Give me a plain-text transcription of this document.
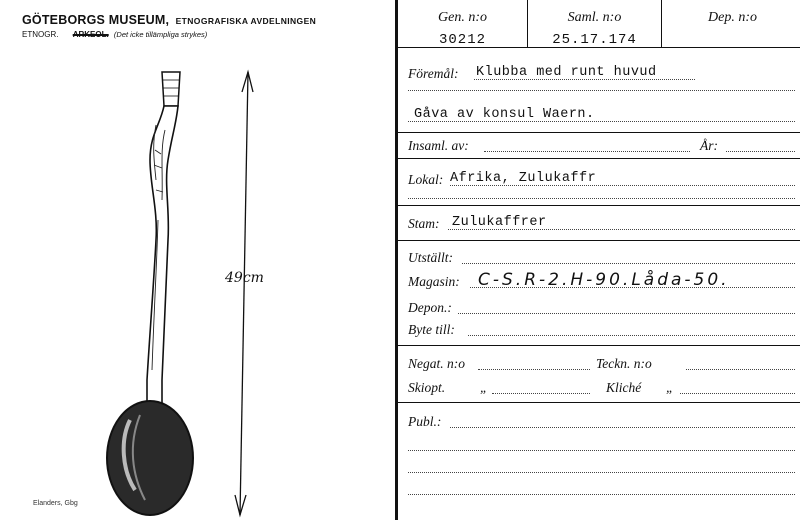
GÖTEBORGS MUSEUM, ETNOGRAFISKA AVDELNINGEN
ETNOGR. ARKEOL. (Det icke tillämpliga strykes)
49cm
Elanders, Gbg
Gen. n:o
30212
Saml. n:o
25.17.174
Dep. n:o
Föremål: Klubba med runt huvud
Gåva av konsul Waern.
Insaml. av:	År:
Lokal: Afrika, Zulukaffr
Stam: Zulukaffrer
Utställt:
Magasin: C-S.R-2.H-90.Låda-50.
Depon.:
Byte till:
Negat. n:o	Teckn. n:o
Skiopt.	„	Kliché „
Publ.:
